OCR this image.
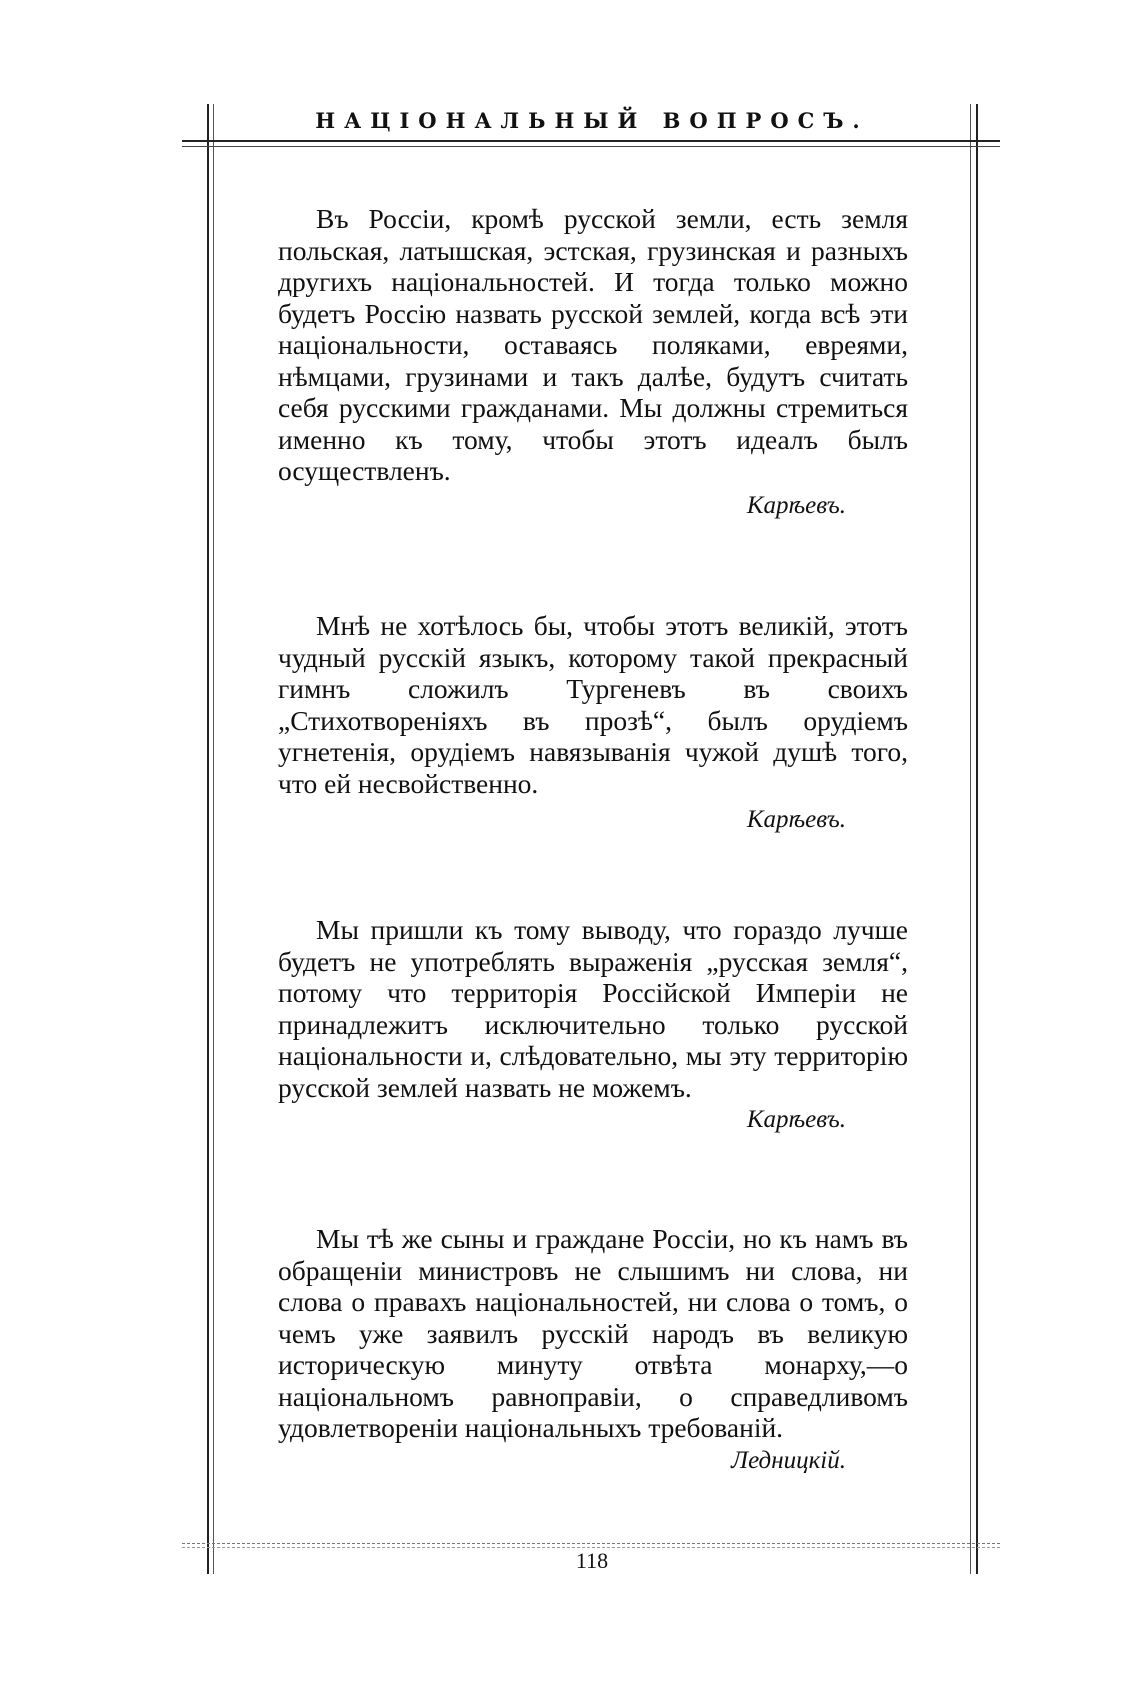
НАЦIОНАЛЬНЫЙ ВОПРОСЪ.

Въ Россiи, кромѣ русской земли, есть земля польская, латышская, эстская, грузинская и разныхъ другихъ нацiональностей. И тогда только можно будетъ Россiю назвать русской землей, когда всѣ эти нацiональности, оставаясь поляками, евреями, нѣмцами, грузинами и такъ далѣе, будутъ считать себя русскими гражданами. Мы должны стремиться именно къ тому, чтобы этотъ идеалъ былъ осуществленъ.

Карѣевъ.

Мнѣ не хотѣлось бы, чтобы этотъ великiй, этотъ чудный русскiй языкъ, которому такой прекрасный гимнъ сложилъ Тургеневъ въ своихъ „Стихотворенiяхъ въ прозѣ“, былъ орудiемъ угнетенiя, орудiемъ навязыванiя чужой душѣ того, что ей несвойственно.

Карѣевъ.

Мы пришли къ тому выводу, что гораздо лучше будетъ не употреблять выраженiя „русская земля“, потому что территорiя Россiйской Имперiи не принадлежитъ исключительно только русской нацiональности и, слѣдовательно, мы эту территорiю русской землей назвать не можемъ.

Карѣевъ.

Мы тѣ же сыны и граждане Россiи, но къ намъ въ обращенiи министровъ не слышимъ ни слова, ни слова о правахъ нацiональностей, ни слова о томъ, о чемъ уже заявилъ русскiй народъ въ великую историческую минуту отвѣта монарху,—о нацiональномъ равноправiи, о справедливомъ удовлетворенiи нацiональныхъ требованiй.

Ледницкiй.

118
